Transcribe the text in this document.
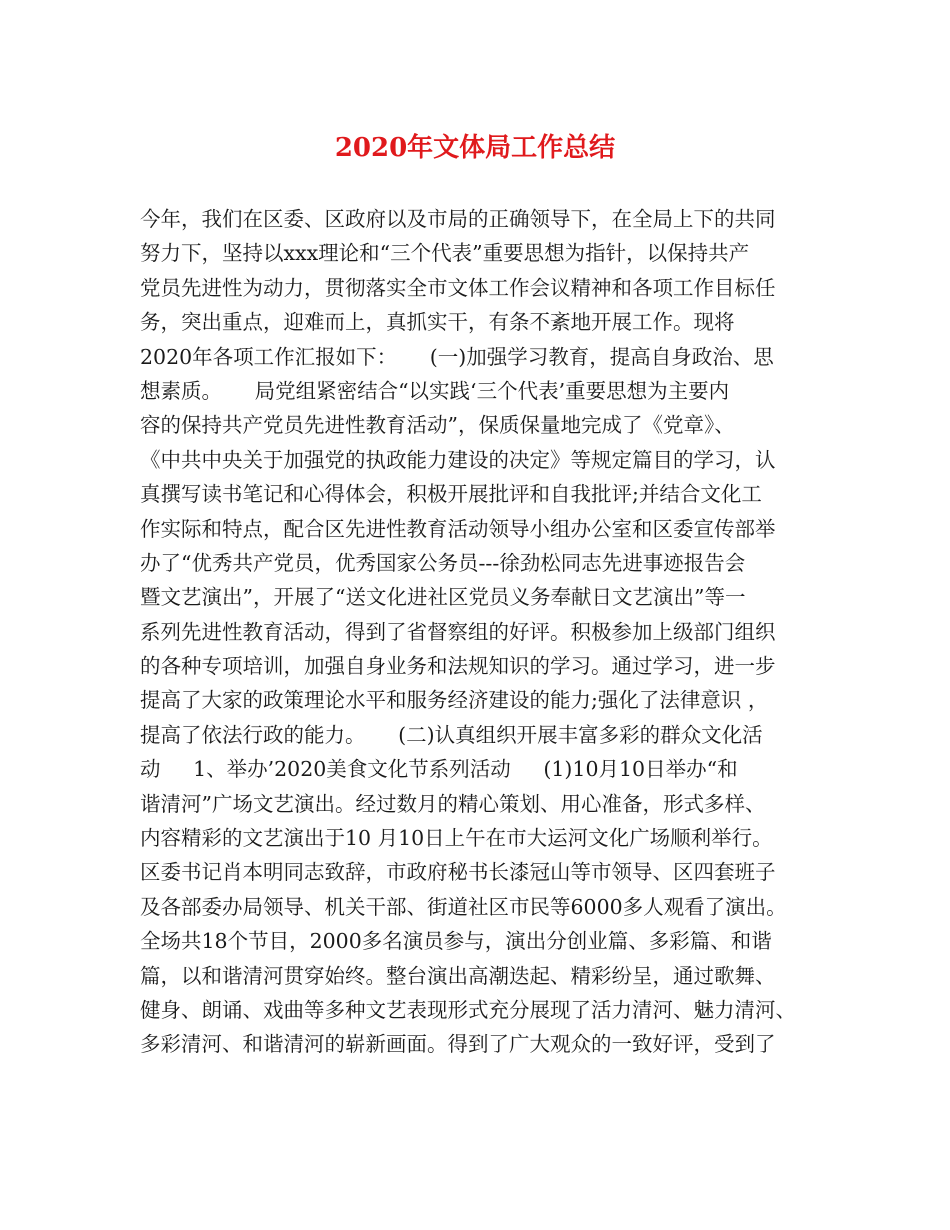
2020年文体局工作总结
今年，我们在区委、区政府以及市局的正确领导下，在全局上下的共同
努力下，坚持以xxx理论和“三个代表”重要思想为指针，以保持共产
党员先进性为动力，贯彻落实全市文体工作会议精神和各项工作目标任
务，突出重点，迎难而上，真抓实干，有条不紊地开展工作。现将
2020年各项工作汇报如下：     (一)加强学习教育，提高自身政治、思
想素质。     局党组紧密结合“以实践‘三个代表’重要思想为主要内
容的保持共产党员先进性教育活动”，保质保量地完成了《党章》、
《中共中央关于加强党的执政能力建设的决定》等规定篇目的学习，认
真撰写读书笔记和心得体会，积极开展批评和自我批评;并结合文化工
作实际和特点，配合区先进性教育活动领导小组办公室和区委宣传部举
办了“优秀共产党员，优秀国家公务员---徐劲松同志先进事迹报告会
暨文艺演出”，开展了“送文化进社区党员义务奉献日文艺演出”等一
系列先进性教育活动，得到了省督察组的好评。积极参加上级部门组织
的各种专项培训，加强自身业务和法规知识的学习。通过学习，进一步
提高了大家的政策理论水平和服务经济建设的能力;强化了法律意识 ，
提高了依法行政的能力。     (二)认真组织开展丰富多彩的群众文化活
动     1、举办’2020美食文化节系列活动     (1)10月10日举办“和
谐清河”广场文艺演出。经过数月的精心策划、用心准备，形式多样、
内容精彩的文艺演出于10 月10日上午在市大运河文化广场顺利举行。
区委书记肖本明同志致辞，市政府秘书长漆冠山等市领导、区四套班子
及各部委办局领导、机关干部、街道社区市民等6000多人观看了演出。
全场共18个节目，2000多名演员参与，演出分创业篇、多彩篇、和谐
篇，以和谐清河贯穿始终。整台演出高潮迭起、精彩纷呈，通过歌舞、
健身、朗诵、戏曲等多种文艺表现形式充分展现了活力清河、魅力清河、
多彩清河、和谐清河的崭新画面。得到了广大观众的一致好评，受到了
